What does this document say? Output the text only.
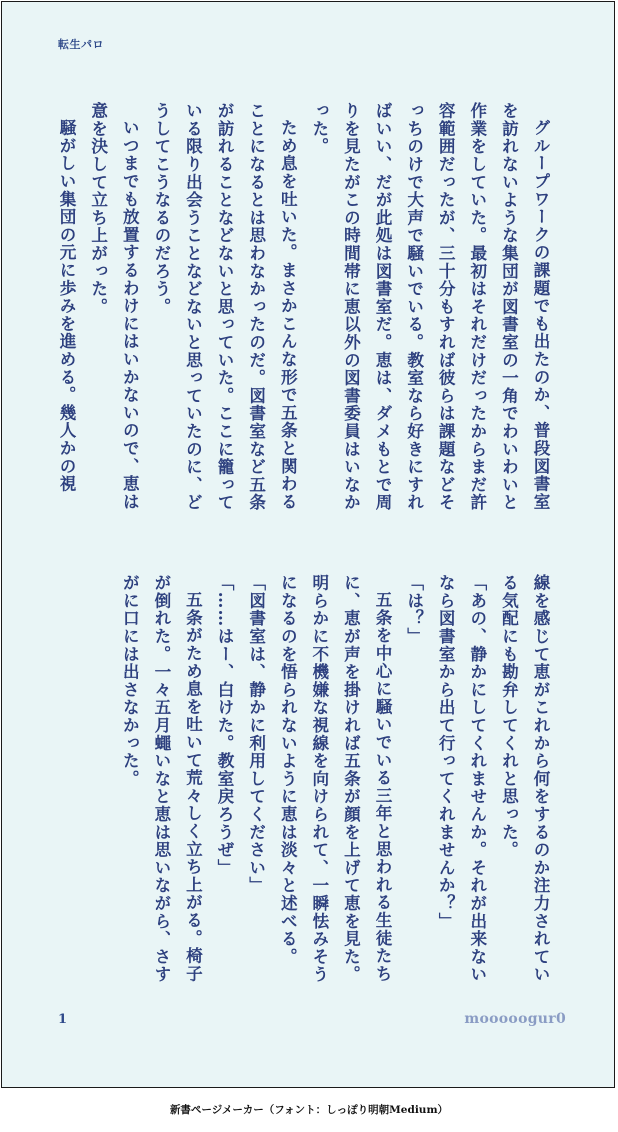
転生パロ

グループワークの課題でも出たのか、普段図書室を訪れないような集団が図書室の一角でわいわいと作業をしていた。最初はそれだけだったからまだ許容範囲だったが、三十分もすれば彼らは課題などそっちのけで大声で騒いでいる。教室なら好きにすればいい、だが此処は図書室だ。恵は、ダメもとで周りを見たがこの時間帯に恵以外の図書委員はいなかった。

ため息を吐いた。まさかこんな形で五条と関わることになるとは思わなかったのだ。図書室など五条が訪れることなどないと思っていた。ここに籠っている限り出会うことなどないと思っていたのに、どうしてこうなるのだろう。

いつまでも放置するわけにはいかないので、恵は意を決して立ち上がった。

騒がしい集団の元に歩みを進める。幾人かの視

線を感じて恵がこれから何をするのか注力されている気配にも勘弁してくれと思った。

「あの、静かにしてくれませんか。それが出来ないなら図書室から出て行ってくれませんか？」

「は？」

五条を中心に騒いでいる三年と思われる生徒たちに、恵が声を掛ければ五条が顔を上げて恵を見た。明らかに不機嫌な視線を向けられて、一瞬怯みそうになるのを悟られないように恵は淡々と述べる。

「図書室は、静かに利用してください」

「……はー、白けた。教室戻ろうぜ」

五条がため息を吐いて荒々しく立ち上がる。椅子が倒れた。一々五月蠅いなと恵は思いながら、さすがに口には出さなかった。

1	mooooogur0
新書ページメーカー（フォント：しっぽり明朝Medium）
